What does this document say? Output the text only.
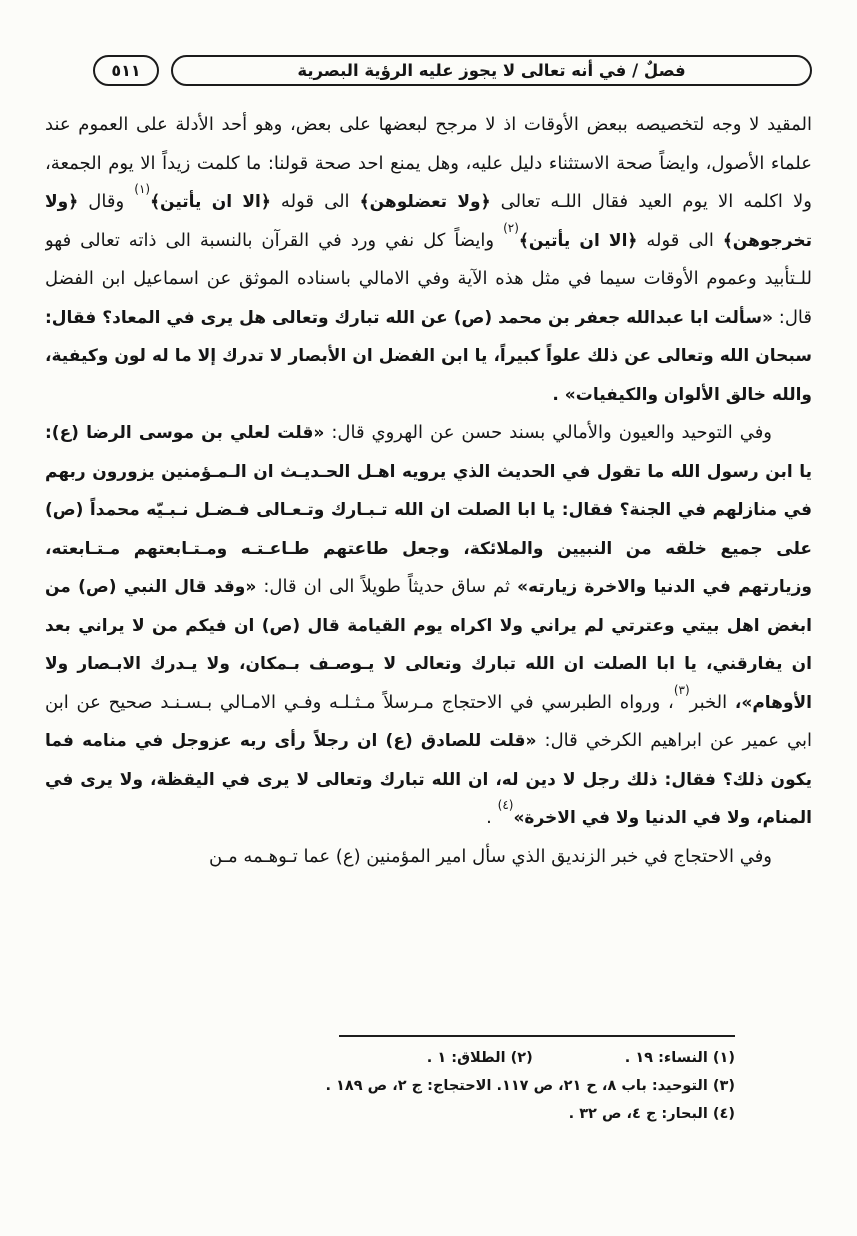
فصلٌ / في أنه تعالى لا يجوز عليه الرؤية البصرية
٥١١

المقيد لا وجه لتخصيصه ببعض الأوقات اذ لا مرجح لبعضها على بعض، وهو أحد الأدلة على العموم عند علماء الأصول، وايضاً صحة الاستثناء دليل عليه، وهل يمنع احد صحة قولنا: ما كلمت زيداً الا يوم الجمعة، ولا اكلمه الا يوم العيد فقال اللـه تعالى ﴿ولا تعضلوهن﴾ الى قوله ﴿الا ان يأتين﴾$^{(١)}$ وقال ﴿ولا تخرجوهن﴾ الى قوله ﴿الا ان يأتين﴾$^{(٢)}$ وايضاً كل نفي ورد في القرآن بالنسبة الى ذاته تعالى فهو للـتأبيد وعموم الأوقات سيما في مثل هذه الآية وفي الامالي باسناده الموثق عن اسماعيل ابن الفضل قال: «سألت ابا عبدالله جعفر بن محمد (ص) عن الله تبارك وتعالى هل يرى في المعاد؟ فقال: سبحان الله وتعالى عن ذلك علواً كبيراً، يا ابن الفضل ان الأبصار لا تدرك إلا ما له لون وكيفية، والله خالق الألوان والكيفيات» .

وفي التوحيد والعيون والأمالي بسند حسن عن الهروي قال: «قلت لعلي بن موسى الرضا (ع): يا ابن رسول الله ما تقول في الحديث الذي يرويه اهـل الحـديـث ان الـمـؤمنين يزورون ربهم في منازلهم في الجنة؟ فقال: يا ابا الصلت ان الله تـبـارك وتـعـالى فـضـل نـبـيّه محمداً (ص) على جميع خلقه من النبيين والملائكة، وجعل طاعتهم طـاعـتـه ومـتـابعتهم مـتـابعته، وزيارتهم في الدنيا والاخرة زيارته» ثم ساق حديثاً طويلاً الى ان قال: «وقد قال النبي (ص) من ابغض اهل بيتي وعترتي لم يراني ولا اكراه يوم القيامة قال (ص) ان فيكم من لا يراني بعد ان يفارقني، يا ابا الصلت ان الله تبارك وتعالى لا يـوصـف بـمكان، ولا يـدرك الابـصار ولا الأوهام»، الخبر$^{(٣)}$، ورواه الطبرسي في الاحتجاج مـرسلاً مـثـلـه وفـي الامـالي بـسـنـد صحيح عن ابن ابي عمير عن ابراهيم الكرخي قال: «قلت للصادق (ع) ان رجلاً رأى ربه عزوجل في منامه فما يكون ذلك؟ فقال: ذلك رجل لا دين له، ان الله تبارك وتعالى لا يرى في اليقظة، ولا يرى في المنام، ولا في الدنيا ولا في الاخرة»$^{(٤)}$ .

وفي الاحتجاج في خبر الزنديق الذي سأل امير المؤمنين (ع) عما تـوهـمه مـن

(١) النساء: ١٩ .
(٢) الطلاق: ١ .
(٣) التوحيد: باب ٨، ح ٢١، ص ١١٧. الاحتجاج: ج ٢، ص ١٨٩ .
(٤) البحار: ج ٤، ص ٣٢ .
